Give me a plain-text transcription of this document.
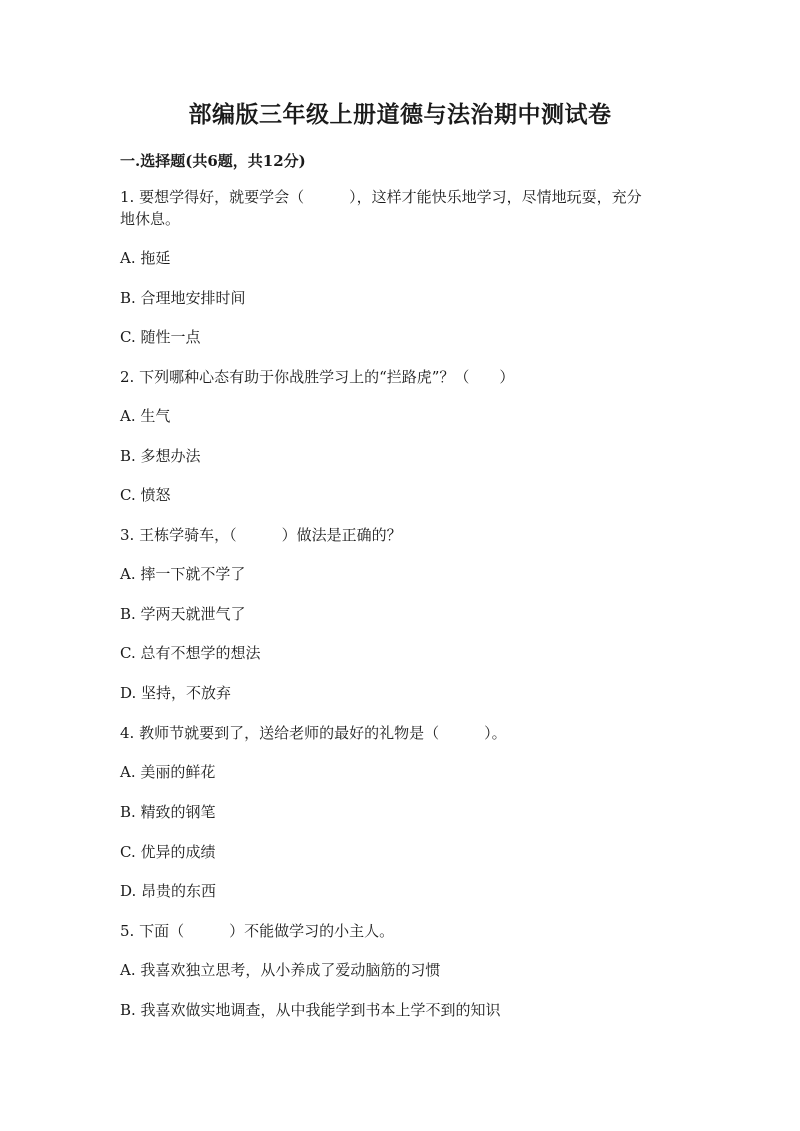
部编版三年级上册道德与法治期中测试卷
一.选择题(共6题，共12分)
1. 要想学得好，就要学会（　　　），这样才能快乐地学习，尽情地玩耍，充分
地休息。
A. 拖延
B. 合理地安排时间
C. 随性一点
2. 下列哪种心态有助于你战胜学习上的“拦路虎”？（　　）
A. 生气
B. 多想办法
C. 愤怒
3. 王栋学骑车，（　　　）做法是正确的？
A. 摔一下就不学了
B. 学两天就泄气了
C. 总有不想学的想法
D. 坚持，不放弃
4. 教师节就要到了，送给老师的最好的礼物是（　　　）。
A. 美丽的鲜花
B. 精致的钢笔
C. 优异的成绩
D. 昂贵的东西
5. 下面（　　　）不能做学习的小主人。
A. 我喜欢独立思考，从小养成了爱动脑筋的习惯
B. 我喜欢做实地调查，从中我能学到书本上学不到的知识
